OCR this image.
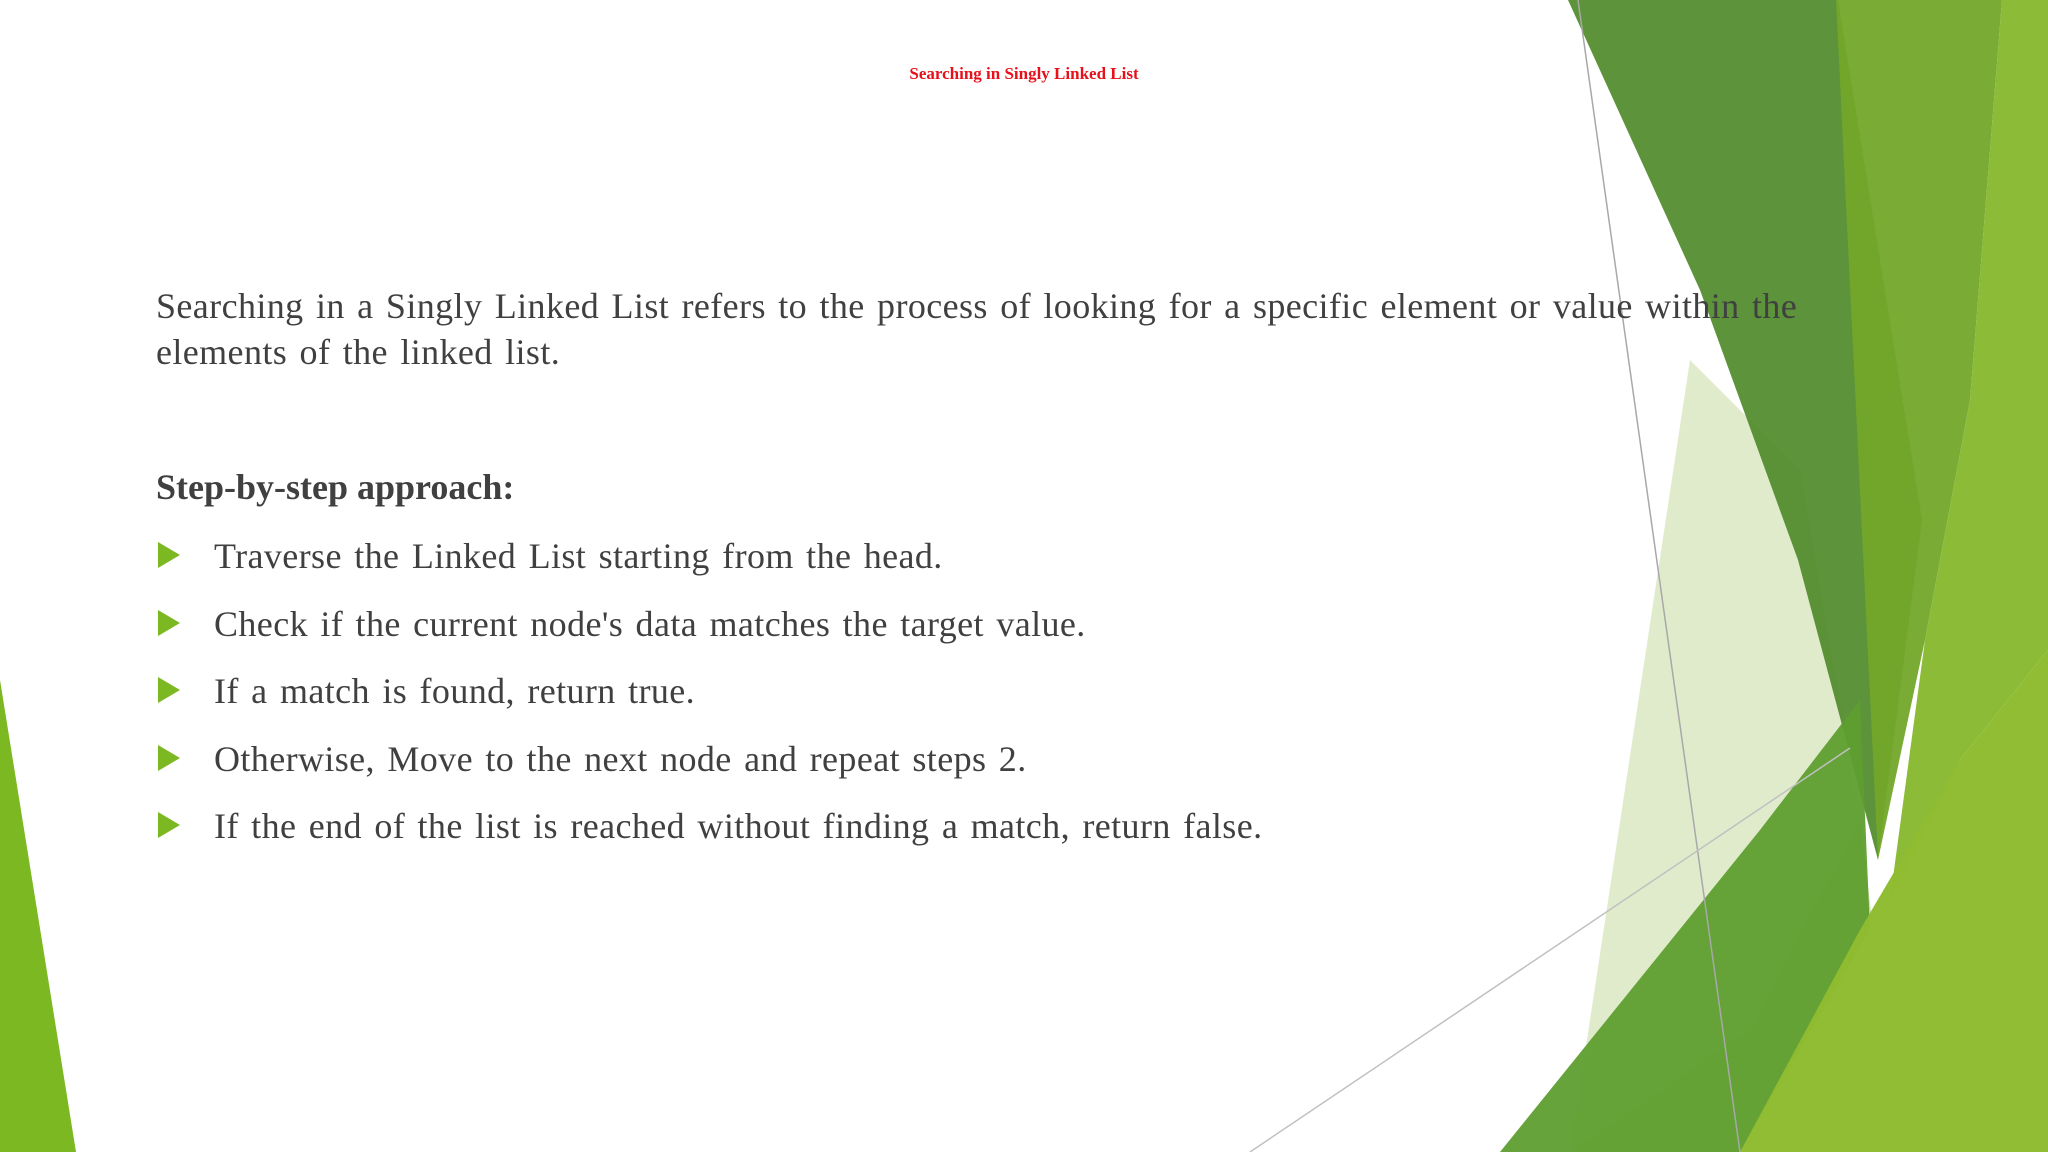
Searching in Singly Linked List
Searching in a Singly Linked List refers to the process of looking for a specific element or value within the elements of the linked list.
Step-by-step approach:
Traverse the Linked List starting from the head.
Check if the current node's data matches the target value.
If a match is found, return true.
Otherwise, Move to the next node and repeat steps 2.
If the end of the list is reached without finding a match, return false.
